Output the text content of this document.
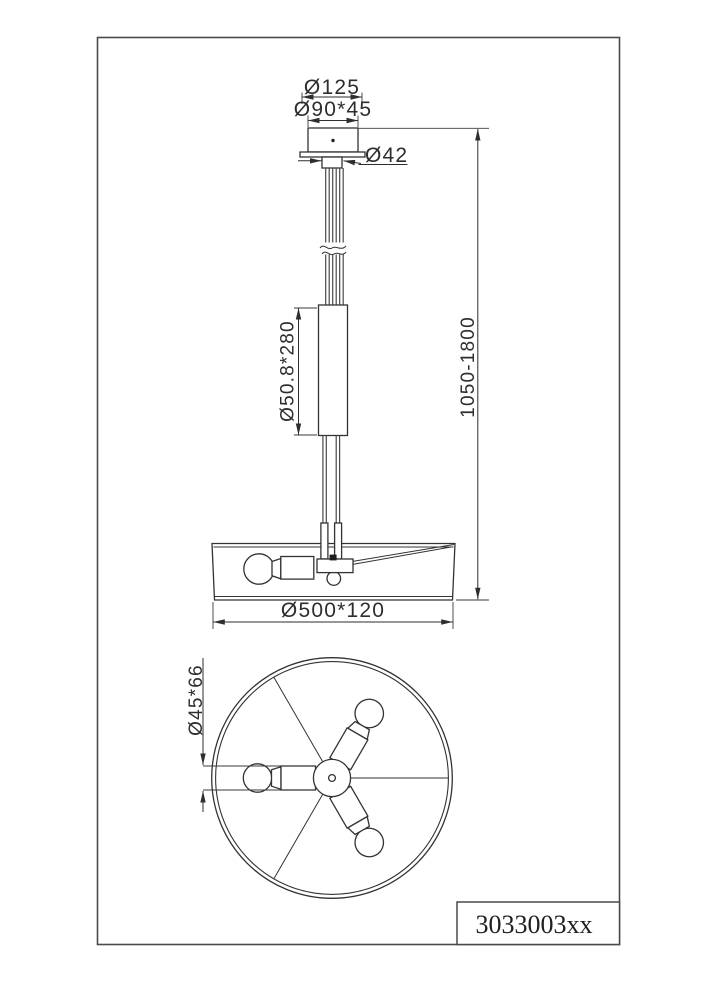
Ø125
Ø90*45
Ø42
Ø50.8*280	1050-1800
Ø500*120
Ø45*66
3033003xx
